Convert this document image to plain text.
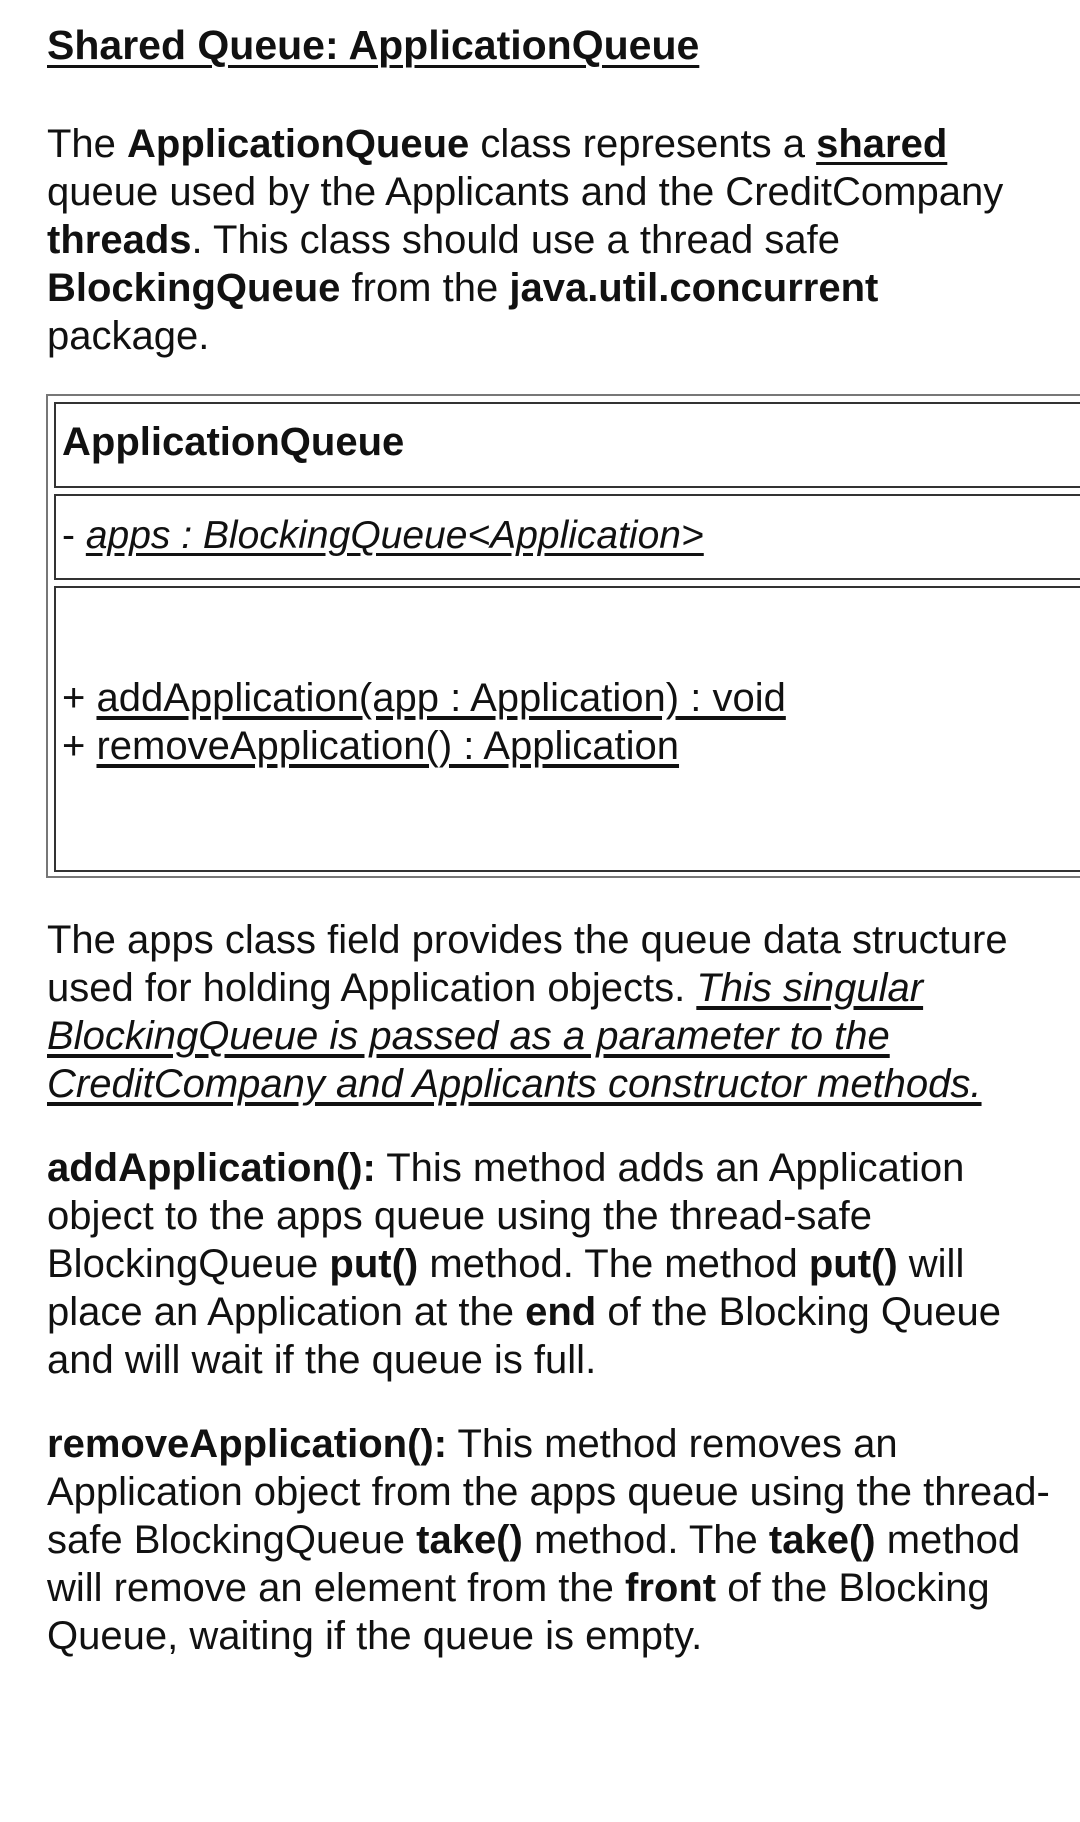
Shared Queue: ApplicationQueue

The ApplicationQueue class represents a shared queue used by the Applicants and the CreditCompany threads. This class should use a thread safe BlockingQueue from the java.util.concurrent package.

ApplicationQueue
- apps : BlockingQueue<Application>
+ addApplication(app : Application) : void
+ removeApplication() : Application

The apps class field provides the queue data structure used for holding Application objects. This singular BlockingQueue is passed as a parameter to the CreditCompany and Applicants constructor methods.

addApplication(): This method adds an Application object to the apps queue using the thread-safe BlockingQueue put() method. The method put() will place an Application at the end of the Blocking Queue and will wait if the queue is full.

removeApplication(): This method removes an Application object from the apps queue using the thread-safe BlockingQueue take() method. The take() method will remove an element from the front of the Blocking Queue, waiting if the queue is empty.
